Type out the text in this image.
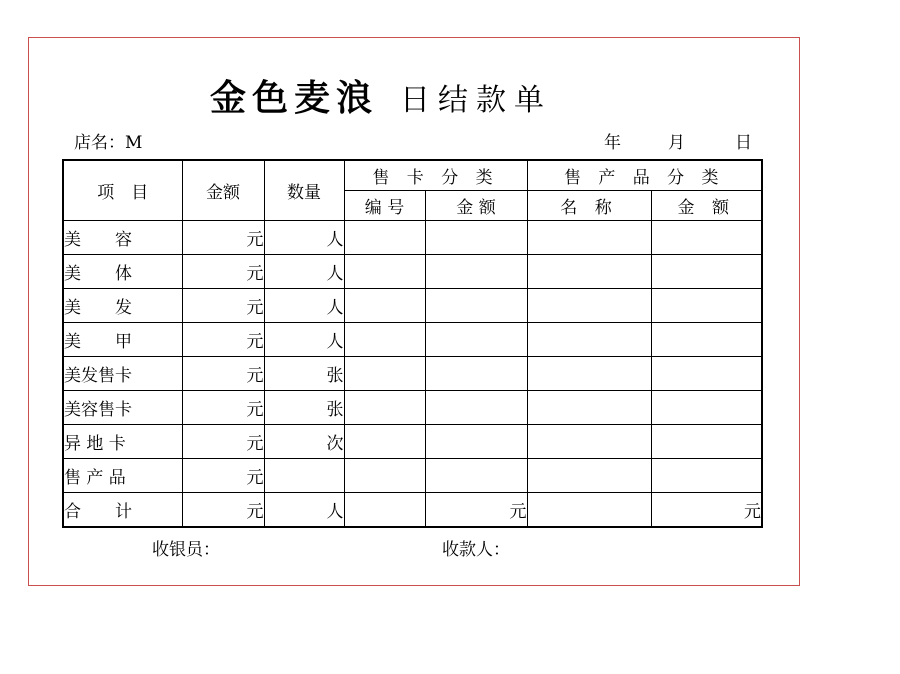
金色麦浪 日结款单
店名：M	年	月	日
项　目	金额	数量	售 卡 分 类		售 产 品 分 类	
			编 号	金 额	名 称	金 额
美　　容	元	人				
美　　体	元	人				
美　　发	元	人				
美　　甲	元	人				
美发售卡	元	张				
美容售卡	元	张				
异 地 卡	元	次				
售 产 品	元					
合　　计	元	人		元		元
收银员：	收款人：
